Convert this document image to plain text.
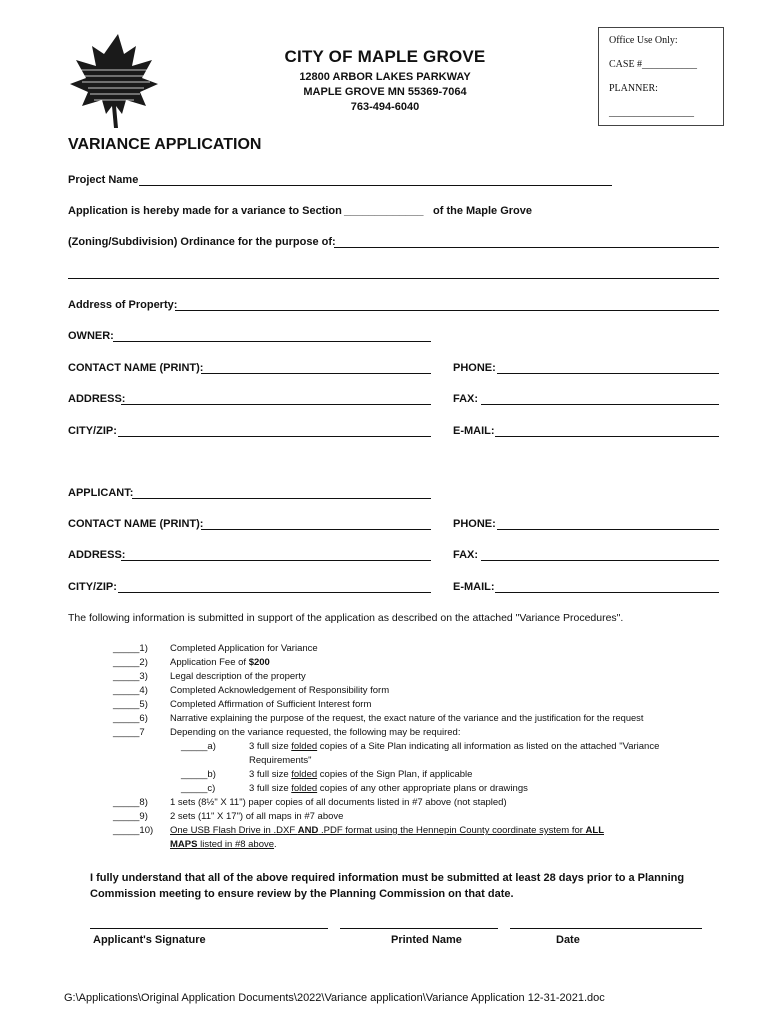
CITY OF MAPLE GROVE
12800 ARBOR LAKES PARKWAY
MAPLE GROVE MN 55369-7064
763-494-6040
Office Use Only:
CASE #___________
PLANNER:
_________________
VARIANCE APPLICATION
Project Name
Application is hereby made for a variance to Section _____________ of the Maple Grove
(Zoning/Subdivision) Ordinance for the purpose of:
Address of Property:
OWNER:
CONTACT NAME (PRINT):	PHONE:
ADDRESS:	FAX:
CITY/ZIP:	E-MAIL:
APPLICANT:
CONTACT NAME (PRINT):	PHONE:
ADDRESS:	FAX:
CITY/ZIP:	E-MAIL:
The following information is submitted in support of the application as described on the attached "Variance Procedures".
_____1) Completed Application for Variance
_____2) Application Fee of $200
_____3) Legal description of the property
_____4) Completed Acknowledgement of Responsibility form
_____5) Completed Affirmation of Sufficient Interest form
_____6) Narrative explaining the purpose of the request, the exact nature of the variance and the justification for the request
_____7	Depending on the variance requested, the following may be required:
_____a)	3 full size folded copies of a Site Plan indicating all information as listed on the attached "Variance
Requirements"
_____b)	3 full size folded copies of the Sign Plan, if applicable
_____c)	3 full size folded copies of any other appropriate plans or drawings
_____8) 1 sets (8½" X 11") paper copies of all documents listed in #7 above (not stapled)
_____9) 2 sets (11" X 17") of all maps in #7 above
_____10) One USB Flash Drive in .DXF AND .PDF format using the Hennepin County coordinate system for ALL
MAPS listed in #8 above.
I fully understand that all of the above required information must be submitted at least 28 days prior to a Planning Commission meeting to ensure review by the Planning Commission on that date.
Applicant's Signature	Printed Name	Date
G:\Applications\Original Application Documents\2022\Variance application\Variance Application 12-31-2021.doc
